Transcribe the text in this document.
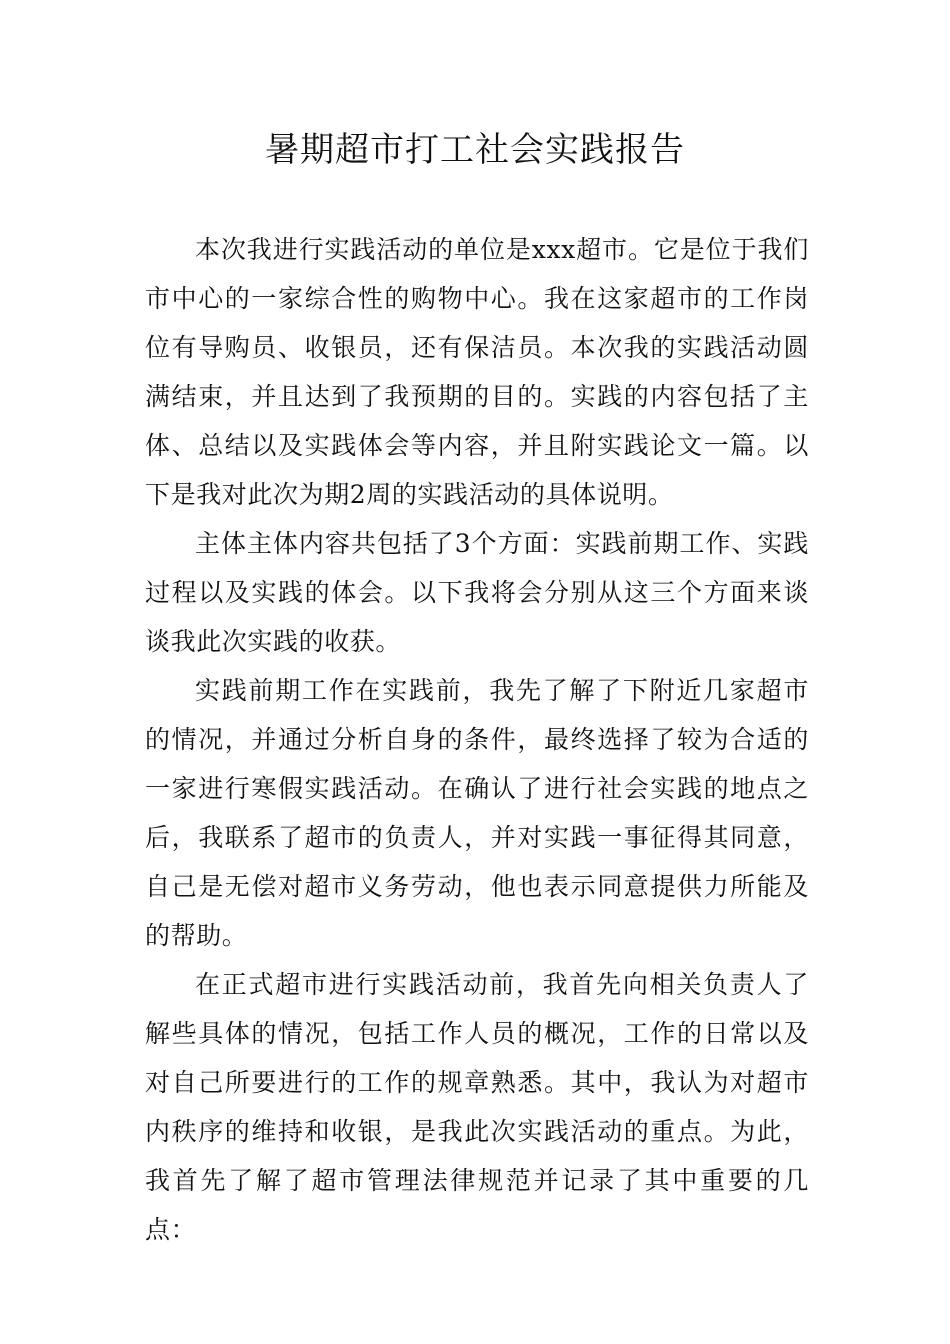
暑期超市打工社会实践报告

本次我进行实践活动的单位是xxx超市。它是位于我们市中心的一家综合性的购物中心。我在这家超市的工作岗位有导购员、收银员，还有保洁员。本次我的实践活动圆满结束，并且达到了我预期的目的。实践的内容包括了主体、总结以及实践体会等内容，并且附实践论文一篇。以下是我对此次为期2周的实践活动的具体说明。

主体主体内容共包括了3个方面：实践前期工作、实践过程以及实践的体会。以下我将会分别从这三个方面来谈谈我此次实践的收获。

实践前期工作在实践前，我先了解了下附近几家超市的情况，并通过分析自身的条件，最终选择了较为合适的一家进行寒假实践活动。在确认了进行社会实践的地点之后，我联系了超市的负责人，并对实践一事征得其同意，自己是无偿对超市义务劳动，他也表示同意提供力所能及的帮助。

在正式超市进行实践活动前，我首先向相关负责人了解些具体的情况，包括工作人员的概况，工作的日常以及对自己所要进行的工作的规章熟悉。其中，我认为对超市内秩序的维持和收银，是我此次实践活动的重点。为此，我首先了解了超市管理法律规范并记录了其中重要的几点：
